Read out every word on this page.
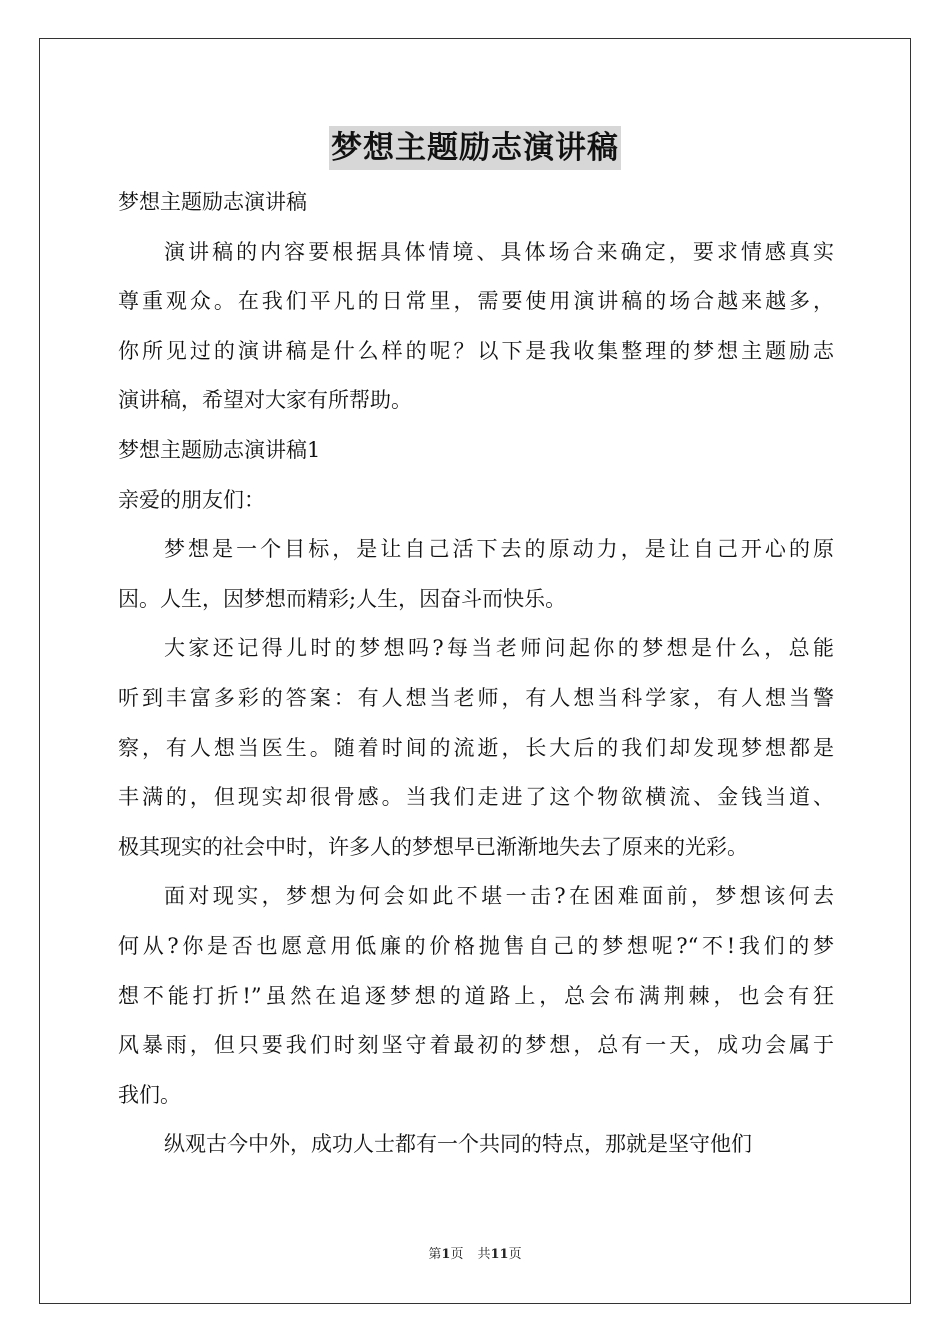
梦想主题励志演讲稿
梦想主题励志演讲稿
演讲稿的内容要根据具体情境、具体场合来确定，要求情感真实
尊重观众。在我们平凡的日常里，需要使用演讲稿的场合越来越多，
你所见过的演讲稿是什么样的呢？以下是我收集整理的梦想主题励志
演讲稿，希望对大家有所帮助。
梦想主题励志演讲稿1
亲爱的朋友们：
梦想是一个目标，是让自己活下去的原动力，是让自己开心的原
因。人生，因梦想而精彩;人生，因奋斗而快乐。
大家还记得儿时的梦想吗?每当老师问起你的梦想是什么，总能
听到丰富多彩的答案：有人想当老师，有人想当科学家，有人想当警
察，有人想当医生。随着时间的流逝，长大后的我们却发现梦想都是
丰满的，但现实却很骨感。当我们走进了这个物欲横流、金钱当道、
极其现实的社会中时，许多人的梦想早已渐渐地失去了原来的光彩。
面对现实，梦想为何会如此不堪一击?在困难面前，梦想该何去
何从?你是否也愿意用低廉的价格抛售自己的梦想呢?“不!我们的梦
想不能打折!”虽然在追逐梦想的道路上，总会布满荆棘，也会有狂
风暴雨，但只要我们时刻坚守着最初的梦想，总有一天，成功会属于
我们。
纵观古今中外，成功人士都有一个共同的特点，那就是坚守他们
第1页 共11页
